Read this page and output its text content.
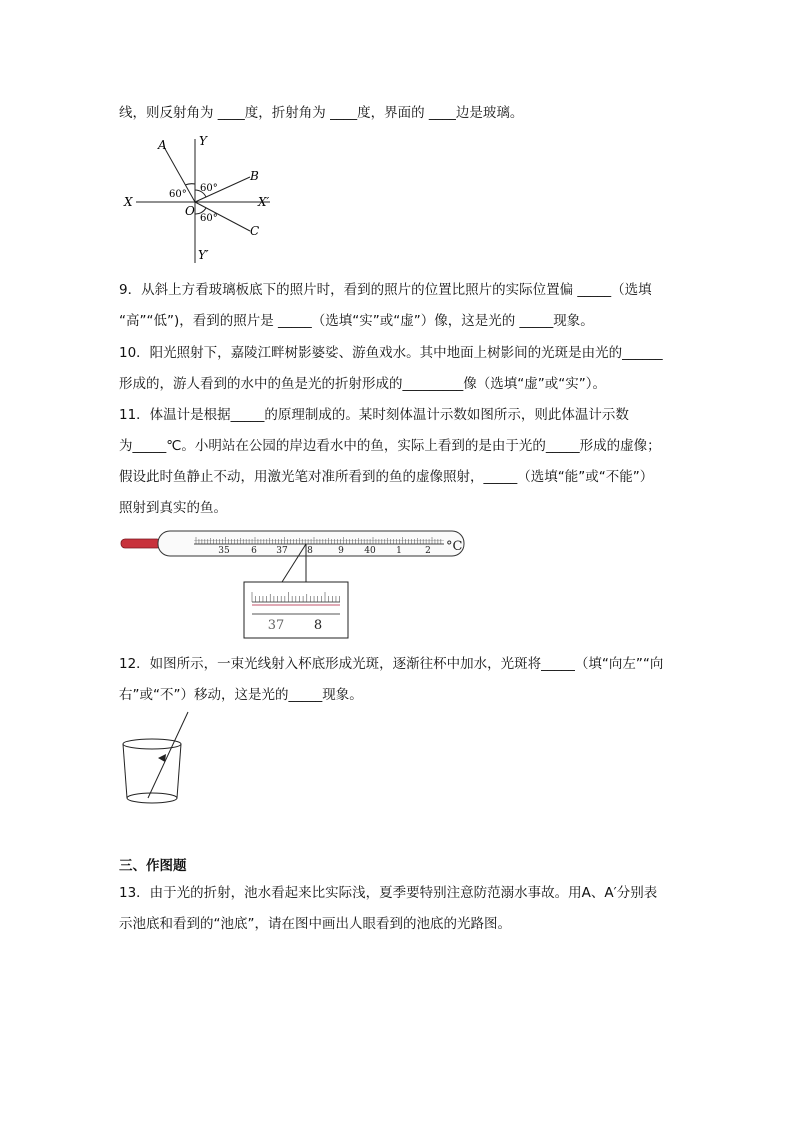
线，则反射角为 ____度，折射角为 ____度，界面的 ____边是玻璃。
A	Y
B
X	X′
O
C
Y′
60°
60°
60°
9．从斜上方看玻璃板底下的照片时，看到的照片的位置比照片的实际位置偏 _____（选填
“高”“低”)，看到的照片是 _____（选填“实”或“虚”）像，这是光的 _____现象。
10．阳光照射下，嘉陵江畔树影婆娑、游鱼戏水。其中地面上树影间的光斑是由光的______
形成的，游人看到的水中的鱼是光的折射形成的_________像（选填“虚”或“实”）。
11．体温计是根据_____的原理制成的。某时刻体温计示数如图所示，则此体温计示数
为_____℃。小明站在公园的岸边看水中的鱼，实际上看到的是由于光的_____形成的虚像；
假设此时鱼静止不动，用激光笔对准所看到的鱼的虚像照射，_____（选填“能”或“不能”）
照射到真实的鱼。
35 6 37 8	9 40 1	2 °C
37 8
12．如图所示，一束光线射入杯底形成光斑，逐渐往杯中加水，光斑将_____（填“向左”“向
右”或“不”）移动，这是光的_____现象。
三、作图题
13．由于光的折射，池水看起来比实际浅，夏季要特别注意防范溺水事故。用A、A′分别表
示池底和看到的“池底”，请在图中画出人眼看到的池底的光路图。
